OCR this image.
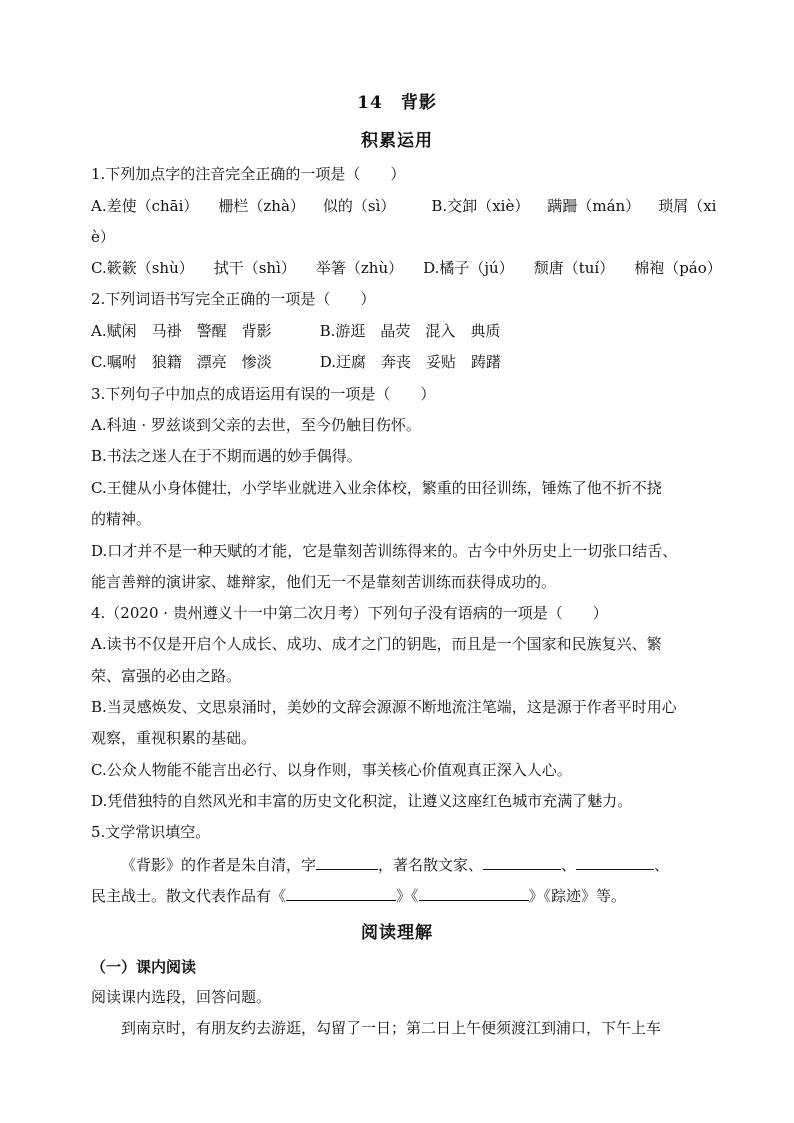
14　背影
积累运用
1.下列加点字的注音完全正确的一项是（　　）
A.差使（chāi） 栅栏（zhà） 似的（sì） B.交卸（xiè） 蹒跚（mán） 琐屑（xi
è）
C.簌簌（shù） 拭干（shì） 举箸（zhù） D.橘子（jú） 颓唐（tuí） 棉袍（páo）
2.下列词语书写完全正确的一项是（　　）
A.赋闲　马褂　警醒　背影	B.游逛　晶荧　混入　典质
C.嘱咐　狼籍　漂亮　惨淡	D.迂腐　奔丧　妥贴　踌躇
3.下列句子中加点的成语运用有误的一项是（　　）
A.科迪 · 罗兹谈到父亲的去世，至今仍触目伤怀。
B.书法之迷人在于不期而遇的妙手偶得。
C.王健从小身体健壮，小学毕业就进入业余体校，繁重的田径训练，锤炼了他不折不挠
的精神。
D.口才并不是一种天赋的才能，它是靠刻苦训练得来的。古今中外历史上一切张口结舌、
能言善辩的演讲家、雄辩家，他们无一不是靠刻苦训练而获得成功的。
4.（2020 · 贵州遵义十一中第二次月考）下列句子没有语病的一项是（　　）
A.读书不仅是开启个人成长、成功、成才之门的钥匙，而且是一个国家和民族复兴、繁
荣、富强的必由之路。
B.当灵感焕发、文思泉涌时，美妙的文辞会源源不断地流注笔端，这是源于作者平时用心
观察，重视积累的基础。
C.公众人物能不能言出必行、以身作则，事关核心价值观真正深入人心。
D.凭借独特的自然风光和丰富的历史文化积淀，让遵义这座红色城市充满了魅力。
5.文学常识填空。
《背影》的作者是朱自清，字	，著名散文家、	、	、
民主战士。散文代表作品有《	》《	》《踪迹》等。
阅读理解
（一）课内阅读
阅读课内选段，回答问题。
到南京时，有朋友约去游逛，勾留了一日；第二日上午便须渡江到浦口，下午上车
